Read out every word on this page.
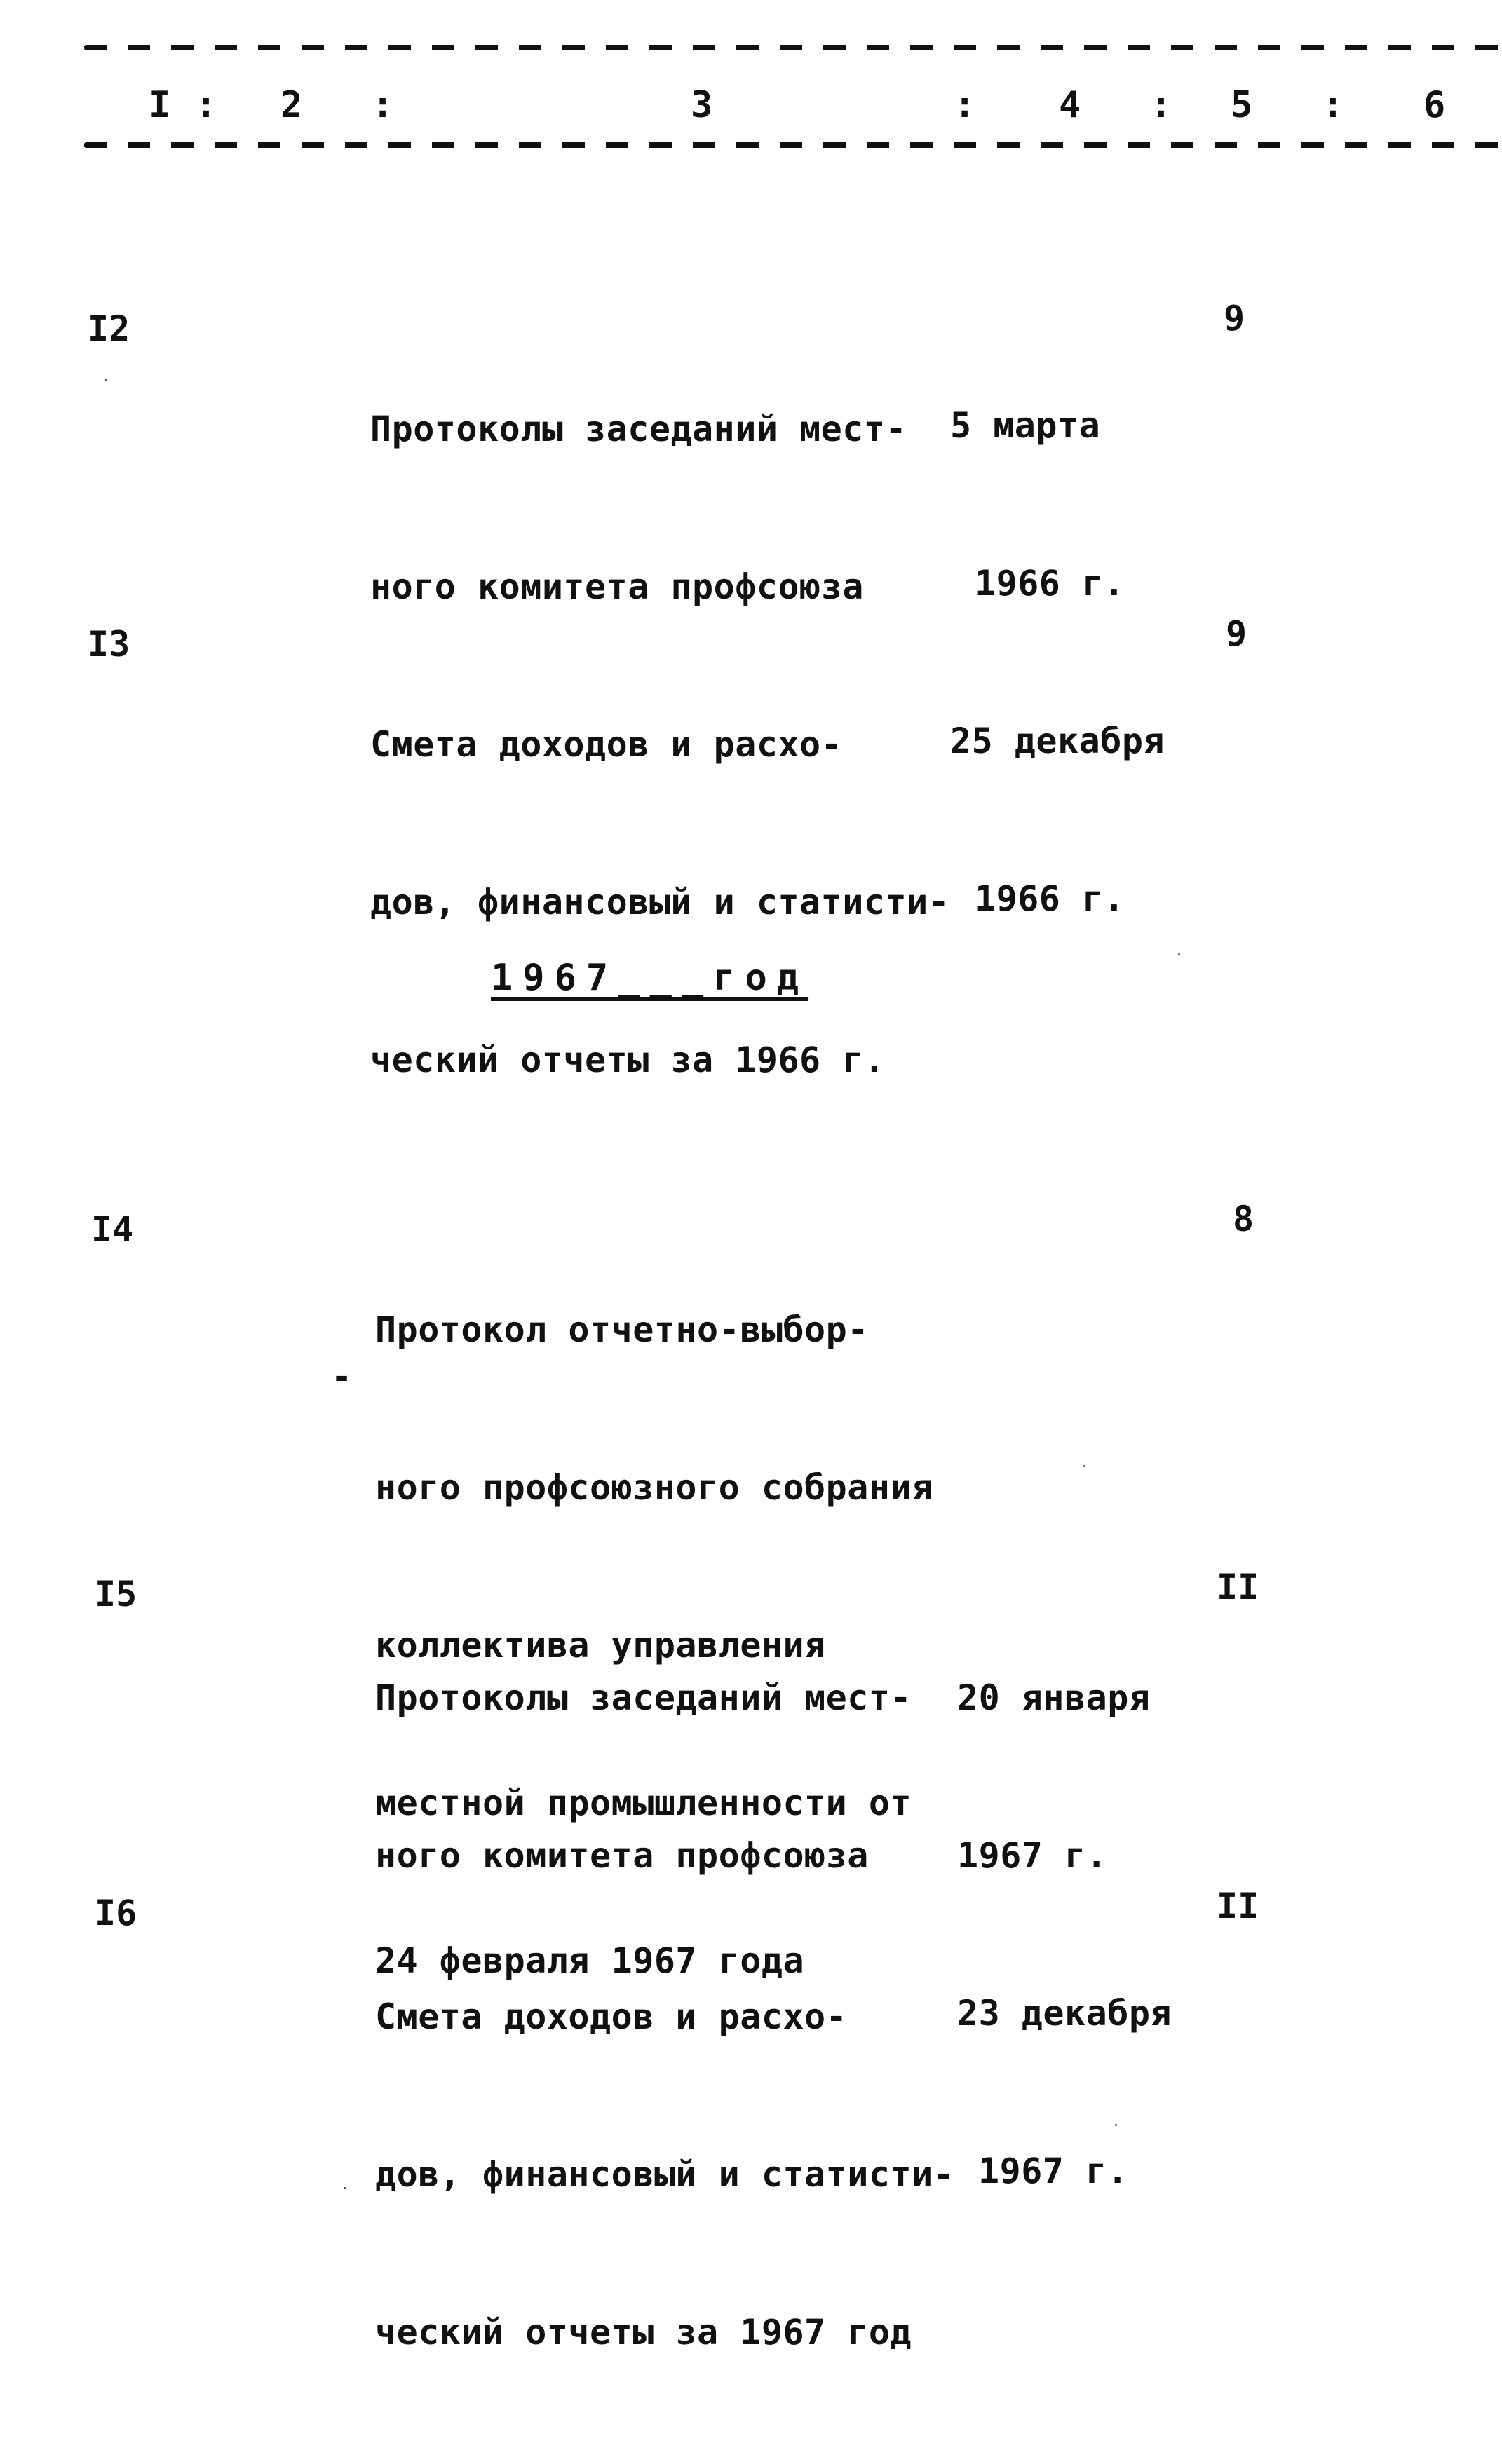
I : 2 :	3	: 4 : 5 : 6
I2

Протоколы заседаний мест-

ного комитета профсоюза

5 марта

1966 г.

25 декабря

1966 г.

9
I3

Смета доходов и расхо-

дов, финансовый и статисти-

ческий отчеты за 1966 г.

9
1967___год
I4

Протокол отчетно-выбор-

ного профсоюзного собрания

коллектива управления

местной промышленности от

24 февраля 1967 года

-
8
I5

Протоколы заседаний мест-

ного комитета профсоюза

20 января

1967 г.

23 декабря

1967 г.

II
I6

Смета доходов и расхо-

дов, финансовый и статисти-

ческий отчеты за 1967 год

II
